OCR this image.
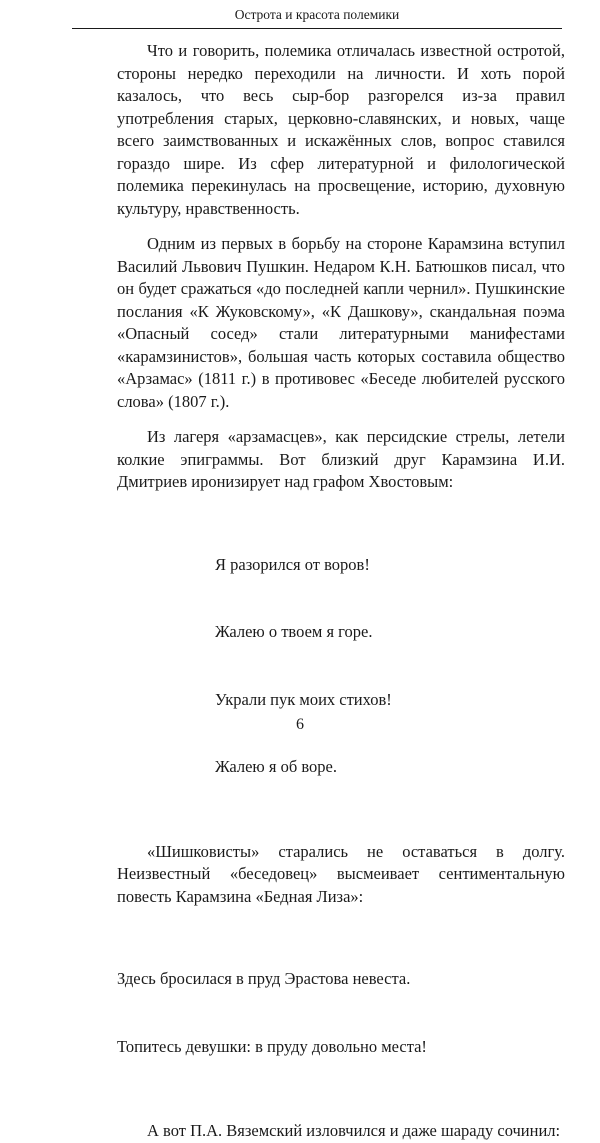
Острота и красота полемики

Что и говорить, полемика отличалась известной остротой, стороны нередко переходили на личности. И хоть порой казалось, что весь сыр-бор разгорелся из-за правил употребления старых, церковно-славянских, и новых, чаще всего заимствованных и искажённых слов, вопрос ставился гораздо шире. Из сфер литературной и филологической полемика перекинулась на просвещение, историю, духовную культуру, нравственность.

Одним из первых в борьбу на стороне Карамзина вступил Василий Львович Пушкин. Недаром К.Н. Батюшков писал, что он будет сражаться «до последней капли чернил». Пушкинские послания «К Жуковскому», «К Дашкову», скандальная поэма «Опасный сосед» стали литературными манифестами «карамзинистов», большая часть которых составила общество «Арзамас» (1811 г.) в противовес «Беседе любителей русского слова» (1807 г.).

Из лагеря «арзамасцев», как персидские стрелы, летели колкие эпиграммы. Вот близкий друг Карамзина И.И. Дмитриев иронизирует над графом Хвостовым:

Я разорился от воров!

Жалею о твоем я горе.

Украли пук моих стихов!

Жалею я об воре.

«Шишковисты» старались не оставаться в долгу. Неизвестный «беседовец» высмеивает сентиментальную повесть Карамзина «Бедная Лиза»:

Здесь бросилася в пруд Эрастова невеста.

Топитесь девушки: в пруду довольно места!

А вот П.А. Вяземский изловчился и даже шараду сочинил:

6
